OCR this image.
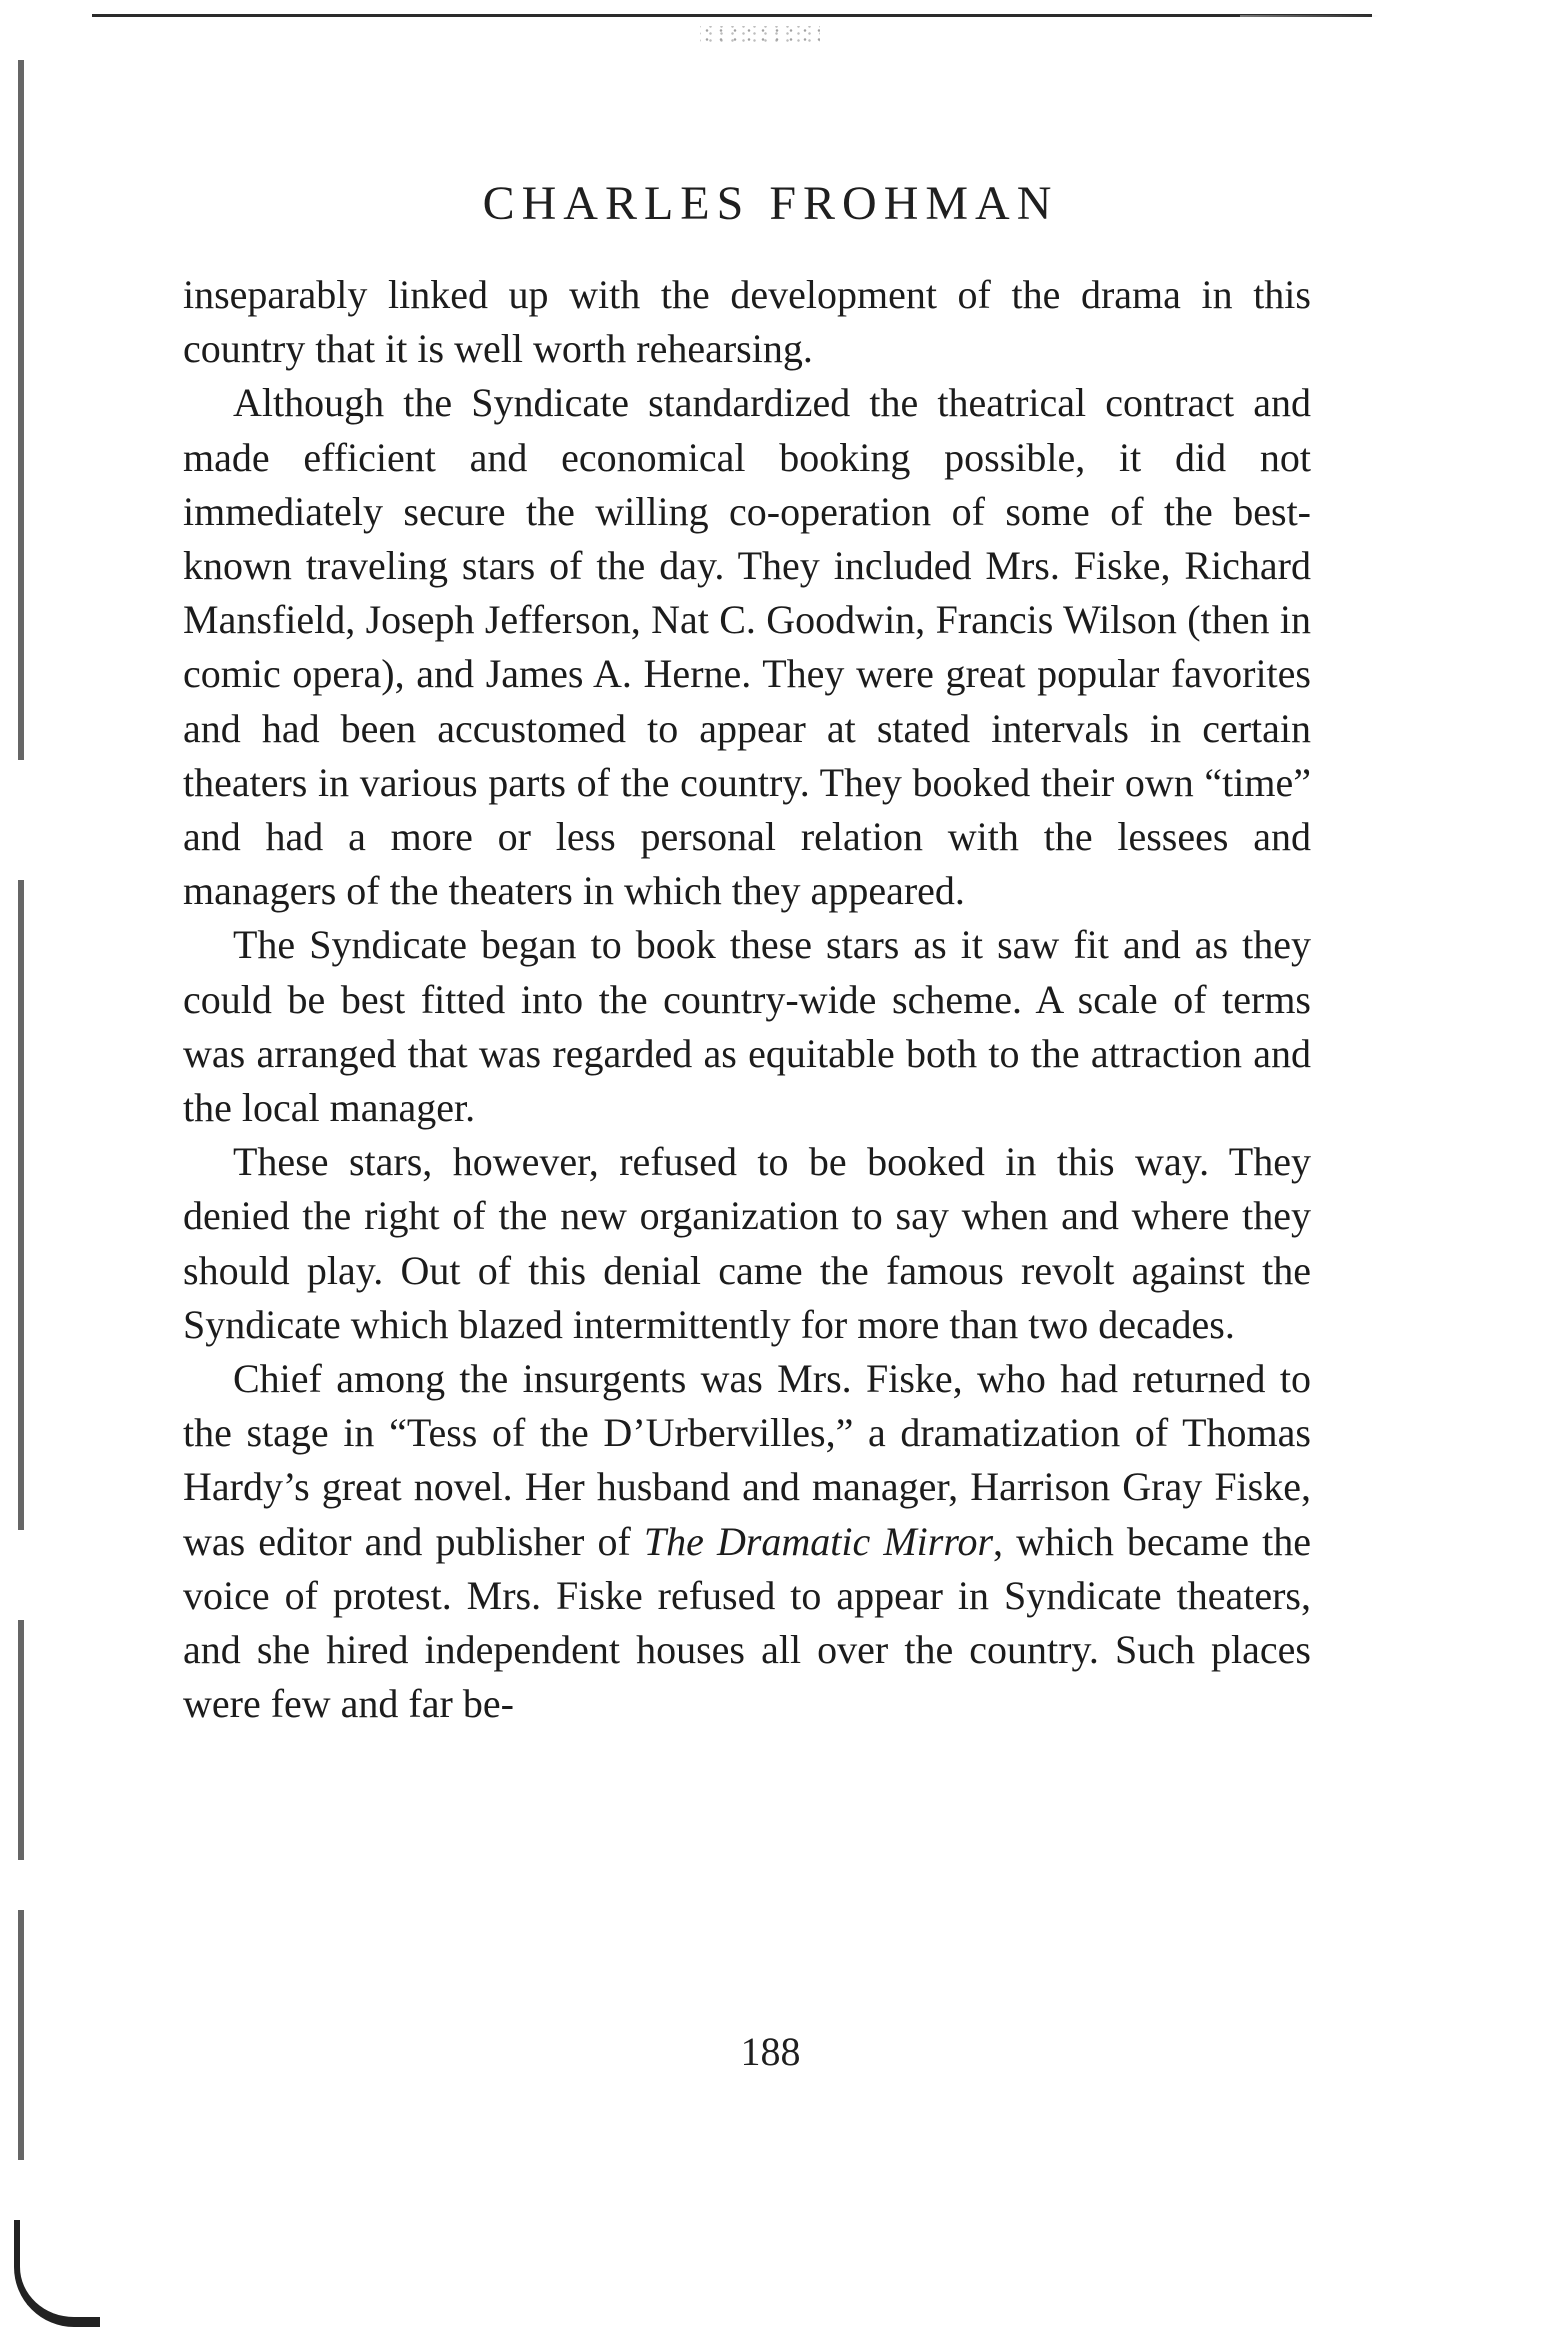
CHARLES FROHMAN

inseparably linked up with the development of the drama in this country that it is well worth rehearsing.

Although the Syndicate standardized the theatrical contract and made efficient and economical booking possible, it did not immediately secure the willing co-operation of some of the best-known traveling stars of the day. They included Mrs. Fiske, Richard Mansfield, Joseph Jefferson, Nat C. Goodwin, Francis Wilson (then in comic opera), and James A. Herne. They were great popular favorites and had been accustomed to appear at stated intervals in certain theaters in various parts of the country. They booked their own “time” and had a more or less personal relation with the lessees and managers of the theaters in which they appeared.

The Syndicate began to book these stars as it saw fit and as they could be best fitted into the country-wide scheme. A scale of terms was arranged that was regarded as equitable both to the attraction and the local manager.

These stars, however, refused to be booked in this way. They denied the right of the new organization to say when and where they should play. Out of this denial came the famous revolt against the Syndicate which blazed intermittently for more than two decades.

Chief among the insurgents was Mrs. Fiske, who had returned to the stage in “Tess of the D’Urbervilles,” a dramatization of Thomas Hardy’s great novel. Her husband and manager, Harrison Gray Fiske, was editor and publisher of The Dramatic Mirror, which became the voice of protest. Mrs. Fiske refused to appear in Syndicate theaters, and she hired independent houses all over the country. Such places were few and far be-

188
